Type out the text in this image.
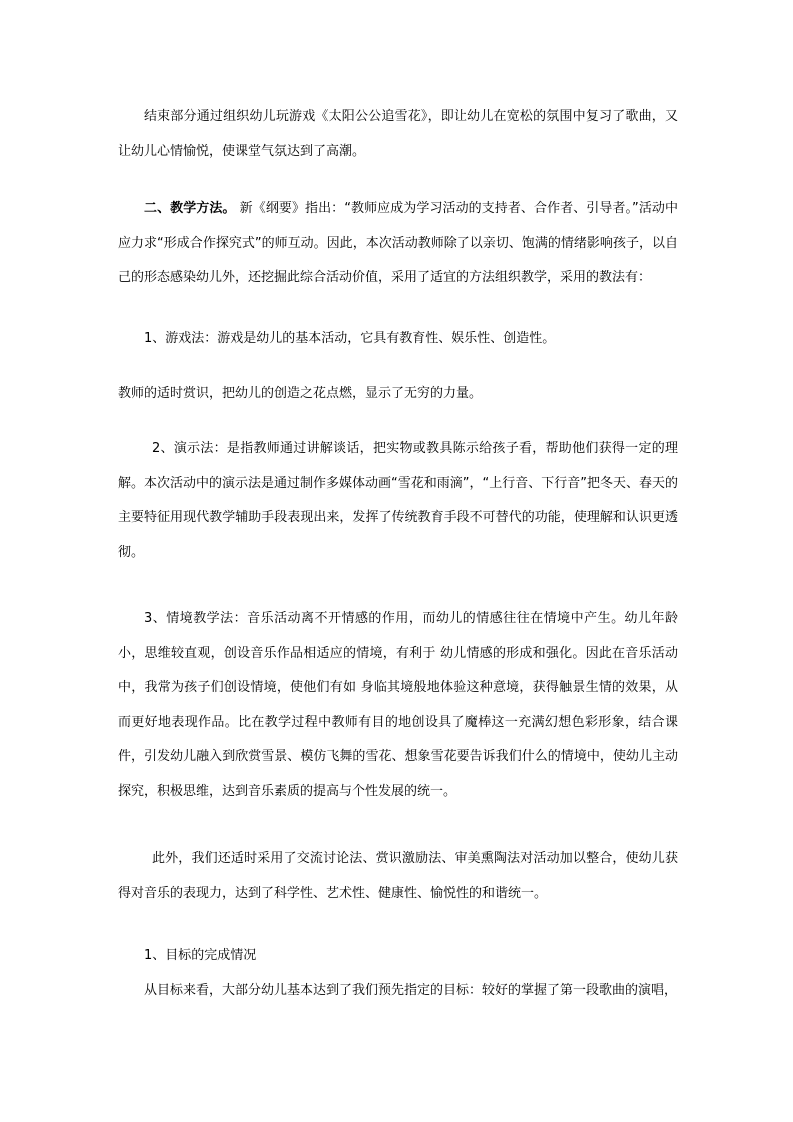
结束部分通过组织幼儿玩游戏《太阳公公追雪花》，即让幼儿在宽松的氛围中复习了歌曲，又让幼儿心情愉悦，使课堂气氛达到了高潮。

二、教学方法。 新《纲要》指出：“教师应成为学习活动的支持者、合作者、引导者。”活动中应力求“形成合作探究式”的师互动。因此，本次活动教师除了以亲切、饱满的情绪影响孩子，以自己的形态感染幼儿外，还挖掘此综合活动价值，采用了适宜的方法组织教学，采用的教法有：

1、游戏法：游戏是幼儿的基本活动，它具有教育性、娱乐性、创造性。

教师的适时赏识，把幼儿的创造之花点燃，显示了无穷的力量。

2、演示法：是指教师通过讲解谈话，把实物或教具陈示给孩子看，帮助他们获得一定的理解。本次活动中的演示法是通过制作多媒体动画“雪花和雨滴”，“上行音、下行音”把冬天、春天的主要特征用现代教学辅助手段表现出来，发挥了传统教育手段不可替代的功能，使理解和认识更透彻。

3、情境教学法：音乐活动离不开情感的作用，而幼儿的情感往往在情境中产生。幼儿年龄小，思维较直观，创设音乐作品相适应的情境，有利于 幼儿情感的形成和强化。因此在音乐活动中，我常为孩子们创设情境，使他们有如 身临其境般地体验这种意境，获得触景生情的效果，从而更好地表现作品。比在教学过程中教师有目的地创设具了魔棒这一充满幻想色彩形象，结合课件，引发幼儿融入到欣赏雪景、模仿飞舞的雪花、想象雪花要告诉我们什么的情境中，使幼儿主动探究，积极思维，达到音乐素质的提高与个性发展的统一。

此外，我们还适时采用了交流讨论法、赏识激励法、审美熏陶法对活动加以整合，使幼儿获得对音乐的表现力，达到了科学性、艺术性、健康性、愉悦性的和谐统一。

1、目标的完成情况

从目标来看，大部分幼儿基本达到了我们预先指定的目标：较好的掌握了第一段歌曲的演唱，
